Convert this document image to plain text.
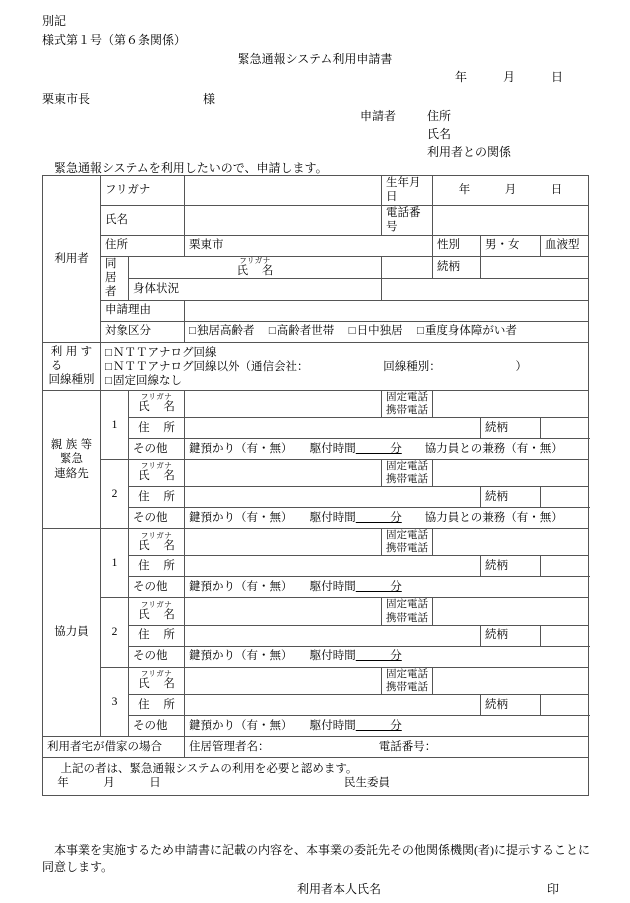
別記
様式第１号（第６条関係）
緊急通報システム利用申請書
年　　　月　　　日
栗東市長	様
申請者	住所
氏名
利用者との関係
緊急通報システムを利用したいので、申請します。
利用者	フリガナ			生年月日	年　　　月　　　日			
	氏名			電話番号				
	住所		栗東市		性別	男・女	血液型	
	同居者	フリガナ
氏　名			続柄			
		身体状況						
	申請理由							
	対象区分		□ 独居高齢者　 □ 高齢者世帯　 □ 日中独居　 □ 重度身体障がい者

利用する
回線種別	
□ ＮＴＴアナログ回線
□ ＮＴＴアナログ回線以外（通信会社：　　　　　　　回線種別：　　　　　　　）
□ 固定回線なし

親族等
緊急
連絡先	1	フリガナ
氏　名		固定電話
携帯電話				

		住　所				続柄		
		その他	鍵預かり（有・無）　　駆付時間　　　分　　協力員との兼務（有・無）					
	2	フリガナ
氏　名		固定電話
携帯電話				

		住　所				続柄		
		その他	鍵預かり（有・無）　　駆付時間　　　分　　協力員との兼務（有・無）					
協力員	1	フリガナ
氏　名		固定電話
携帯電話				

		住　所				続柄		
		その他	鍵預かり（有・無）　　駆付時間　　　分					
	2	フリガナ
氏　名		固定電話
携帯電話				

		住　所				続柄		
		その他	鍵預かり（有・無）　　駆付時間　　　分					
	3	フリガナ
氏　名		固定電話
携帯電話				

		住　所				続柄		
		その他	鍵預かり（有・無）　　駆付時間　　　分					
利用者宅が借家の場合			住居管理者名：　　　　　　　　　　 電話番号：					

上記の者は、緊急通報システムの利用を必要と認めます。
年　　　月　　　日 民生委員								
本事業を実施するため申請書に記載の内容を、本事業の委託先その他関係機関(者)に提示することに同意します。
利用者本人氏名	印
